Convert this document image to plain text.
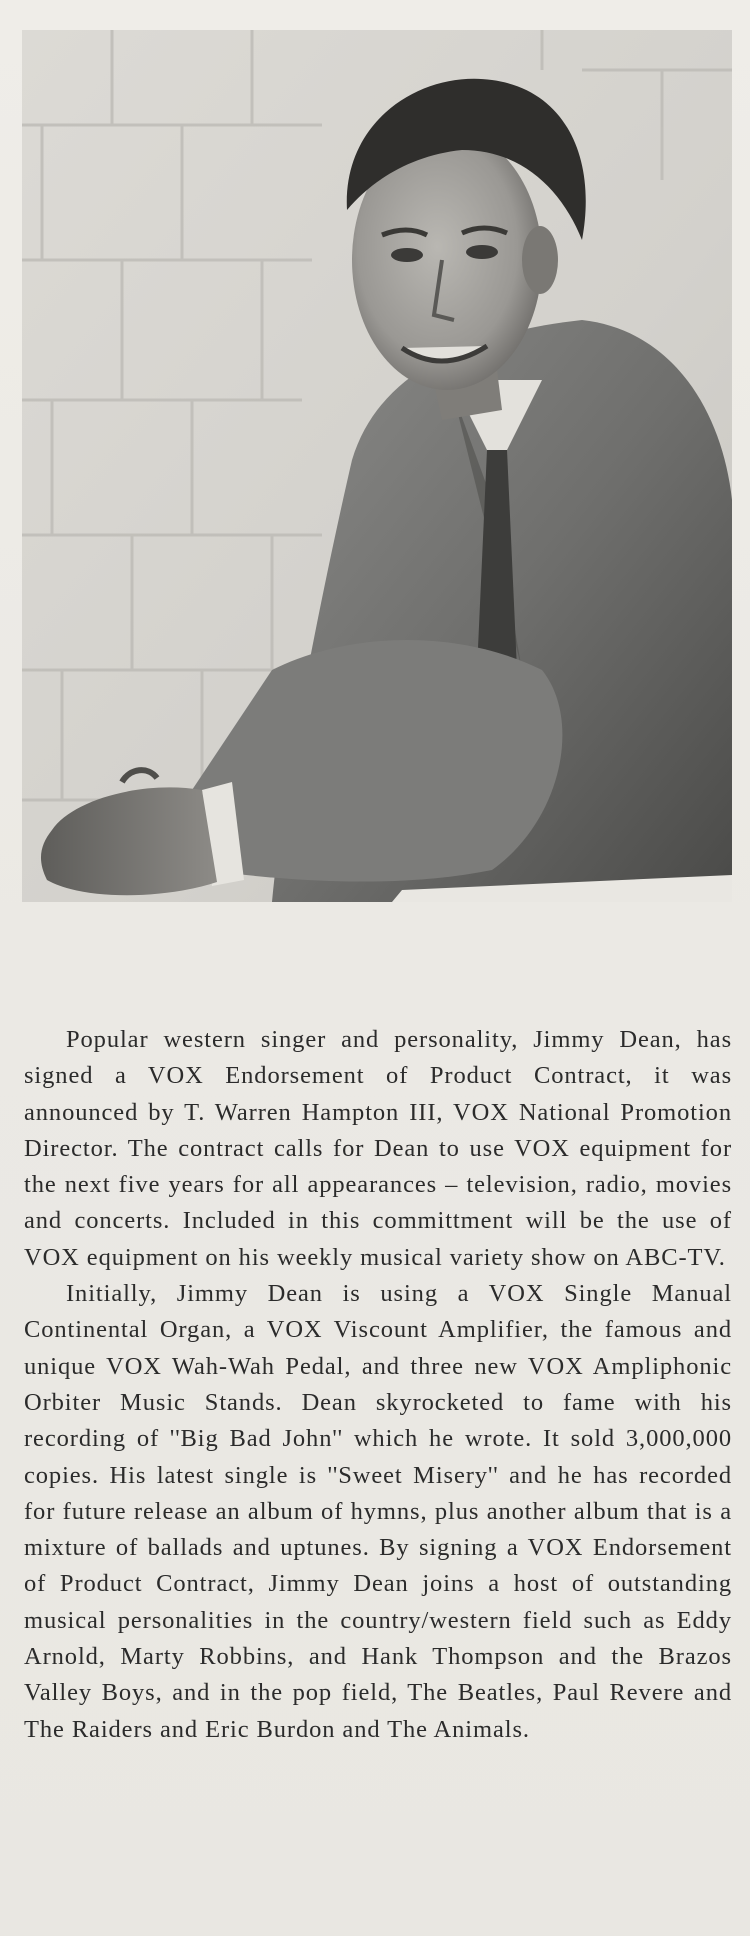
Popular western singer and personality, Jimmy Dean, has signed a VOX Endorsement of Product Contract, it was announced by T. Warren Hampton III, VOX National Promotion Director. The contract calls for Dean to use VOX equipment for the next five years for all appearances – television, radio, movies and concerts. Included in this committment will be the use of VOX equipment on his weekly musical variety show on ABC-TV.

Initially, Jimmy Dean is using a VOX Single Manual Continental Organ, a VOX Viscount Amplifier, the famous and unique VOX Wah-Wah Pedal, and three new VOX Ampliphonic Orbiter Music Stands. Dean skyrocketed to fame with his recording of ''Big Bad John'' which he wrote. It sold 3,000,000 copies. His latest single is ''Sweet Misery'' and he has recorded for future release an album of hymns, plus another album that is a mixture of ballads and uptunes. By signing a VOX Endorsement of Product Contract, Jimmy Dean joins a host of outstanding musical personalities in the country/western field such as Eddy Arnold, Marty Robbins, and Hank Thompson and the Brazos Valley Boys, and in the pop field, The Beatles, Paul Revere and The Raiders and Eric Burdon and The Animals.
